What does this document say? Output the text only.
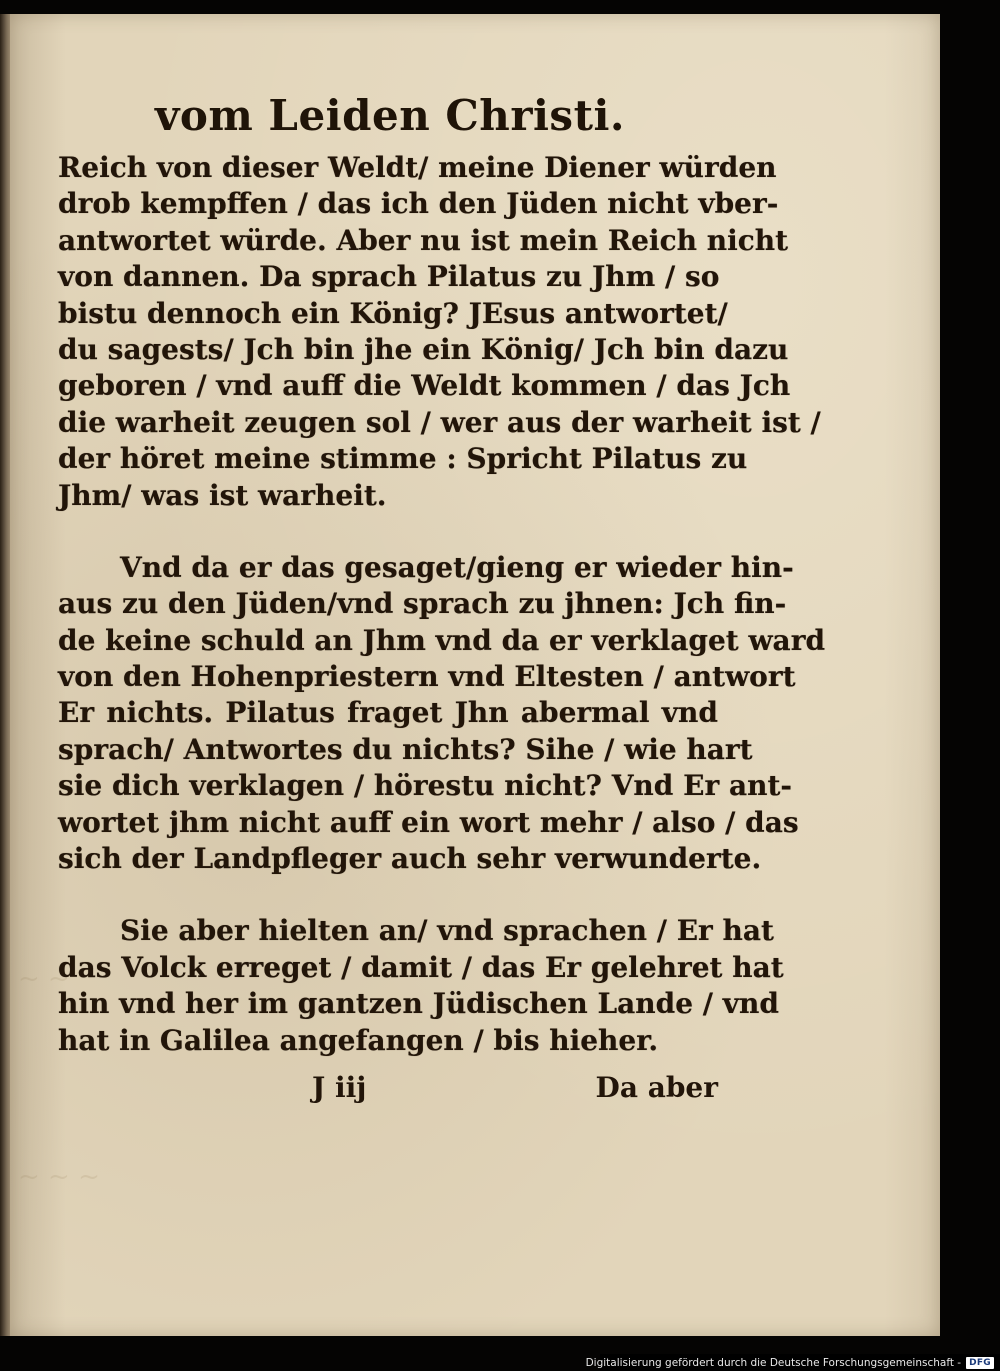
~ ~
~ ~ ~
vom Leiden Christi.
Reich von dieser Weldt/ meine Diener würden
drob kempffen / das ich den Jüden nicht vber-
antwortet würde. Aber nu ist mein Reich nicht
von dannen. Da sprach Pilatus zu Jhm / so
bistu dennoch ein König? JEsus antwortet/
du sagests/ Jch bin jhe ein König/ Jch bin dazu
geboren / vnd auff die Weldt kommen / das Jch
die warheit zeugen sol / wer aus der warheit ist /
der höret meine stimme : Spricht Pilatus zu
Jhm/ was ist warheit.
Vnd da er das gesaget/gieng er wieder hin-
aus zu den Jüden/vnd sprach zu jhnen: Jch fin-
de keine schuld an Jhm vnd da er verklaget ward
von den Hohenpriestern vnd Eltesten / antwort
Er nichts. Pilatus fraget Jhn abermal vnd
sprach/ Antwortes du nichts? Sihe / wie hart
sie dich verklagen / hörestu nicht? Vnd Er ant-
wortet jhm nicht auff ein wort mehr / also / das
sich der Landpfleger auch sehr verwunderte.
Sie aber hielten an/ vnd sprachen / Er hat
das Volck erreget / damit / das Er gelehret hat
hin vnd her im gantzen Jüdischen Lande / vnd
hat in Galilea angefangen / bis hieher.
J iij	Da aber
Digitalisierung gefördert durch die Deutsche Forschungsgemeinschaft - DFG
